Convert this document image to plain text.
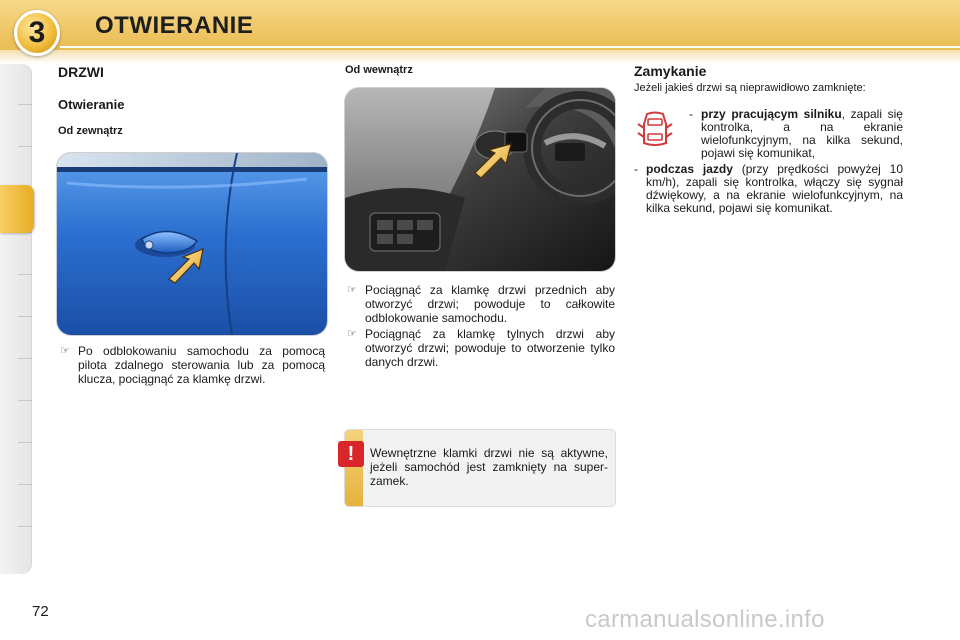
3 OTWIERANIE
DRZWI
Otwieranie
Od zewnątrz
☞ Po odblokowaniu samochodu za pomocą pilota zdalnego sterowania lub za pomocą klucza, pociągnąć za klamkę drzwi.
Od wewnątrz
☞ Pociągnąć za klamkę drzwi przednich aby otworzyć drzwi; powoduje to całkowite odblokowanie samochodu.
☞ Pociągnąć za klamkę tylnych drzwi aby otworzyć drzwi; powoduje to otworzenie tylko danych drzwi.
!	Wewnętrzne klamki drzwi nie są aktywne, jeżeli samochód jest zamknięty na super-zamek.
Zamykanie
Jeżeli jakieś drzwi są nieprawidłowo zamknięte:
- przy pracującym silniku, zapali się kontrolka, a na ekranie wielofunkcyjnym, na kilka sekund, pojawi się komunikat,
- podczas jazdy (przy prędkości powyżej 10 km/h), zapali się kontrolka, włączy się sygnał dźwiękowy, a na ekranie wielofunkcyjnym, na kilka sekund, pojawi się komunikat.
72	carmanualsonline.info
